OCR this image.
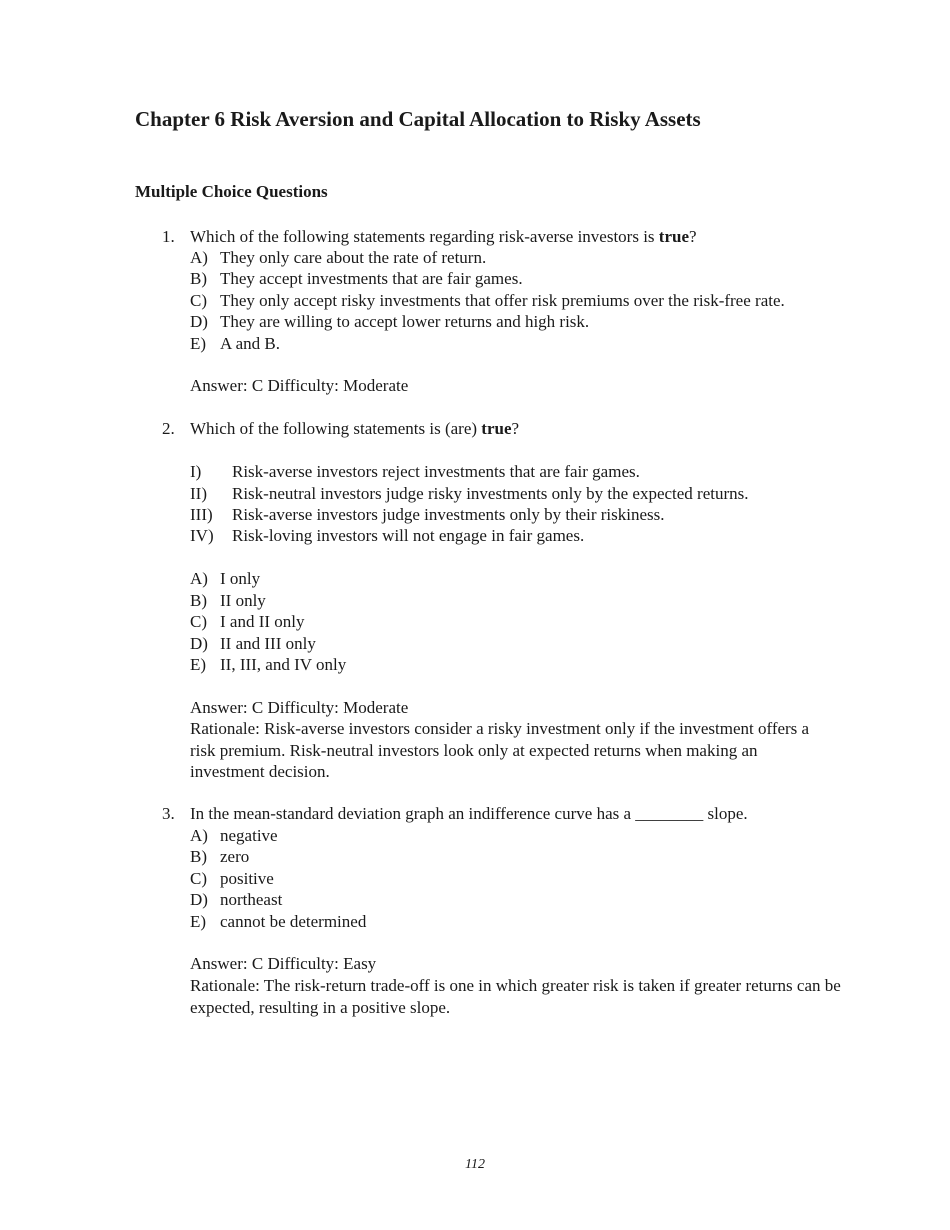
Chapter 6 Risk Aversion and Capital Allocation to Risky Assets
Multiple Choice Questions
1. Which of the following statements regarding risk-averse investors is true?
A) They only care about the rate of return.
B) They accept investments that are fair games.
C) They only accept risky investments that offer risk premiums over the risk-free rate.
D) They are willing to accept lower returns and high risk.
E) A and B.
Answer: C Difficulty: Moderate
2. Which of the following statements is (are) true?
I) Risk-averse investors reject investments that are fair games.
II) Risk-neutral investors judge risky investments only by the expected returns.
III) Risk-averse investors judge investments only by their riskiness.
IV) Risk-loving investors will not engage in fair games.
A) I only
B) II only
C) I and II only
D) II and III only
E) II, III, and IV only
Answer: C Difficulty: Moderate
Rationale: Risk-averse investors consider a risky investment only if the investment offers a risk premium. Risk-neutral investors look only at expected returns when making an investment decision.
3. In the mean-standard deviation graph an indifference curve has a ________ slope.
A) negative
B) zero
C) positive
D) northeast
E) cannot be determined
Answer: C Difficulty: Easy
Rationale: The risk-return trade-off is one in which greater risk is taken if greater returns can be expected, resulting in a positive slope.
112
